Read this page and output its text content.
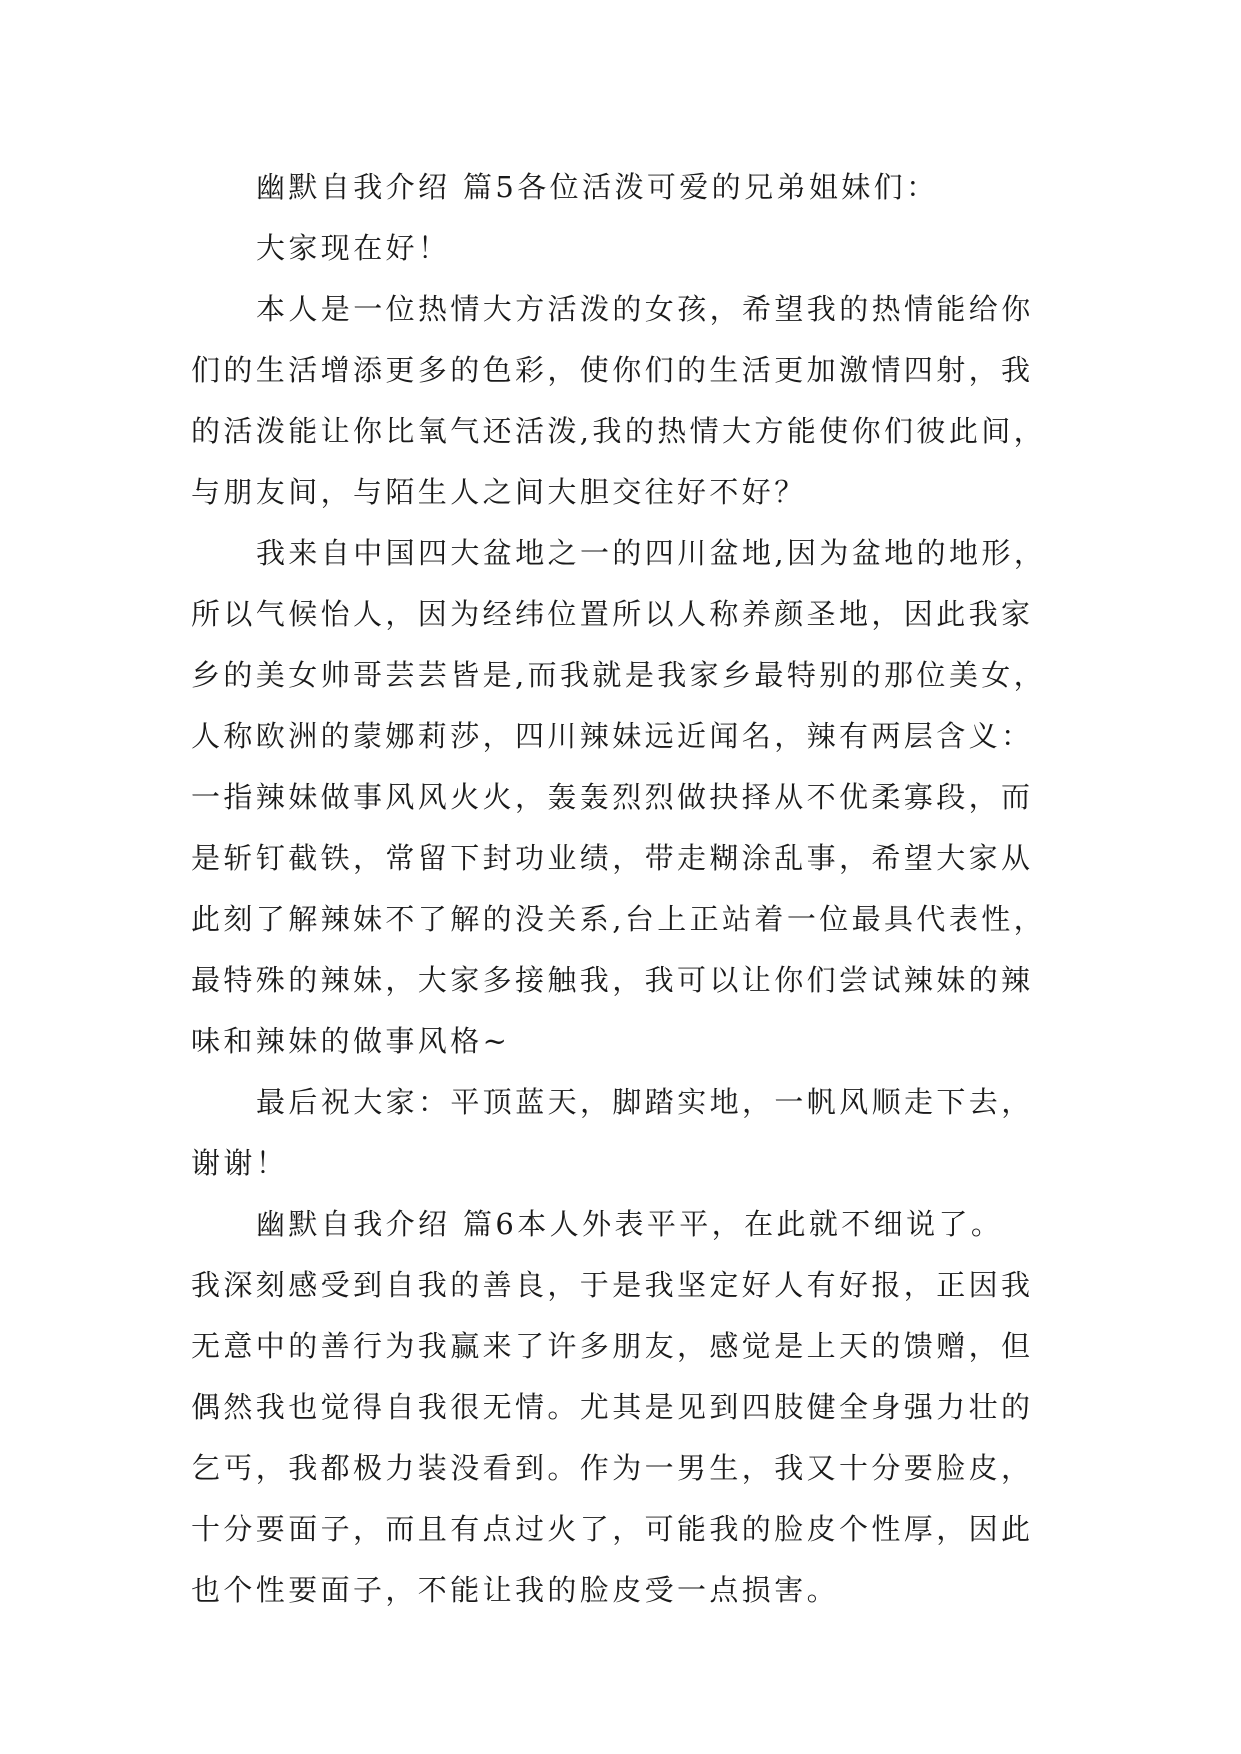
幽默自我介绍 篇5各位活泼可爱的兄弟姐妹们：
大家现在好！
本人是一位热情大方活泼的女孩，希望我的热情能给你
们的生活增添更多的色彩，使你们的生活更加激情四射，我
的活泼能让你比氧气还活泼,我的热情大方能使你们彼此间，
与朋友间，与陌生人之间大胆交往好不好？
我来自中国四大盆地之一的四川盆地,因为盆地的地形，
所以气候怡人，因为经纬位置所以人称养颜圣地，因此我家
乡的美女帅哥芸芸皆是,而我就是我家乡最特别的那位美女，
人称欧洲的蒙娜莉莎，四川辣妹远近闻名，辣有两层含义：
一指辣妹做事风风火火，轰轰烈烈做抉择从不优柔寡段，而
是斩钉截铁，常留下封功业绩，带走糊涂乱事，希望大家从
此刻了解辣妹不了解的没关系,台上正站着一位最具代表性，
最特殊的辣妹，大家多接触我，我可以让你们尝试辣妹的辣
味和辣妹的做事风格~
最后祝大家：平顶蓝天，脚踏实地，一帆风顺走下去，
谢谢！
幽默自我介绍 篇6本人外表平平，在此就不细说了。
我深刻感受到自我的善良，于是我坚定好人有好报，正因我
无意中的善行为我赢来了许多朋友，感觉是上天的馈赠，但
偶然我也觉得自我很无情。尤其是见到四肢健全身强力壮的
乞丐，我都极力装没看到。作为一男生，我又十分要脸皮，
十分要面子，而且有点过火了，可能我的脸皮个性厚，因此
也个性要面子，不能让我的脸皮受一点损害。
